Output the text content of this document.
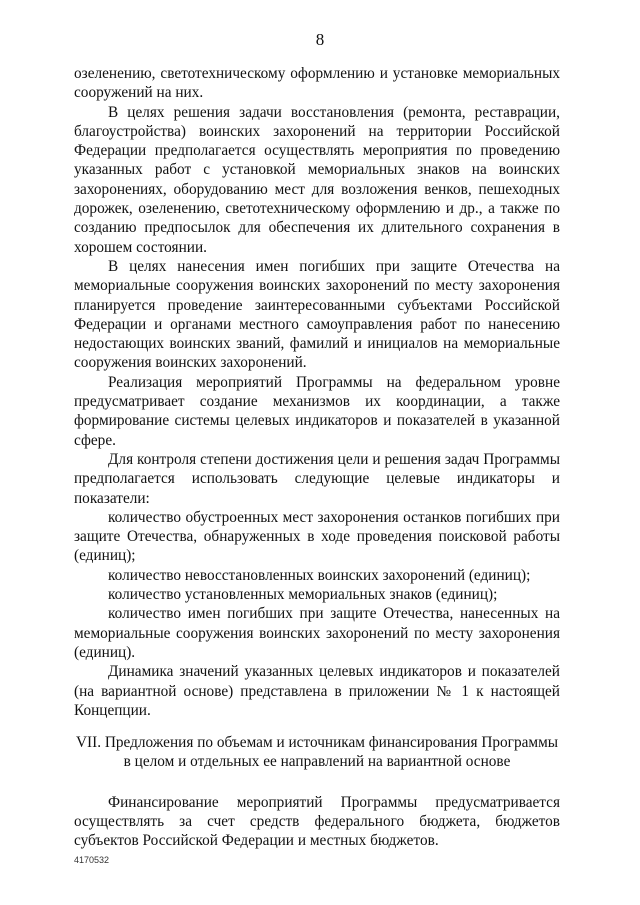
8

озеленению, светотехническому оформлению и установке мемориальных сооружений на них.

В целях решения задачи восстановления (ремонта, реставрации, благоустройства) воинских захоронений на территории Российской Федерации предполагается осуществлять мероприятия по проведению указанных работ с установкой мемориальных знаков на воинских захоронениях, оборудованию мест для возложения венков, пешеходных дорожек, озеленению, светотехническому оформлению и др., а также по созданию предпосылок для обеспечения их длительного сохранения в хорошем состоянии.

В целях нанесения имен погибших при защите Отечества на мемориальные сооружения воинских захоронений по месту захоронения планируется проведение заинтересованными субъектами Российской Федерации и органами местного самоуправления работ по нанесению недостающих воинских званий, фамилий и инициалов на мемориальные сооружения воинских захоронений.

Реализация мероприятий Программы на федеральном уровне предусматривает создание механизмов их координации, а также формирование системы целевых индикаторов и показателей в указанной сфере.

Для контроля степени достижения цели и решения задач Программы предполагается использовать следующие целевые индикаторы и показатели:

количество обустроенных мест захоронения останков погибших при защите Отечества, обнаруженных в ходе проведения поисковой работы (единиц);

количество невосстановленных воинских захоронений (единиц);

количество установленных мемориальных знаков (единиц);

количество имен погибших при защите Отечества, нанесенных на мемориальные сооружения воинских захоронений по месту захоронения (единиц).

Динамика значений указанных целевых индикаторов и показателей (на вариантной основе) представлена в приложении № 1 к настоящей Концепции.

VII. Предложения по объемам и источникам финансирования Программы
в целом и отдельных ее направлений на вариантной основе

Финансирование мероприятий Программы предусматривается осуществлять за счет средств федерального бюджета, бюджетов субъектов Российской Федерации и местных бюджетов.

4170532
